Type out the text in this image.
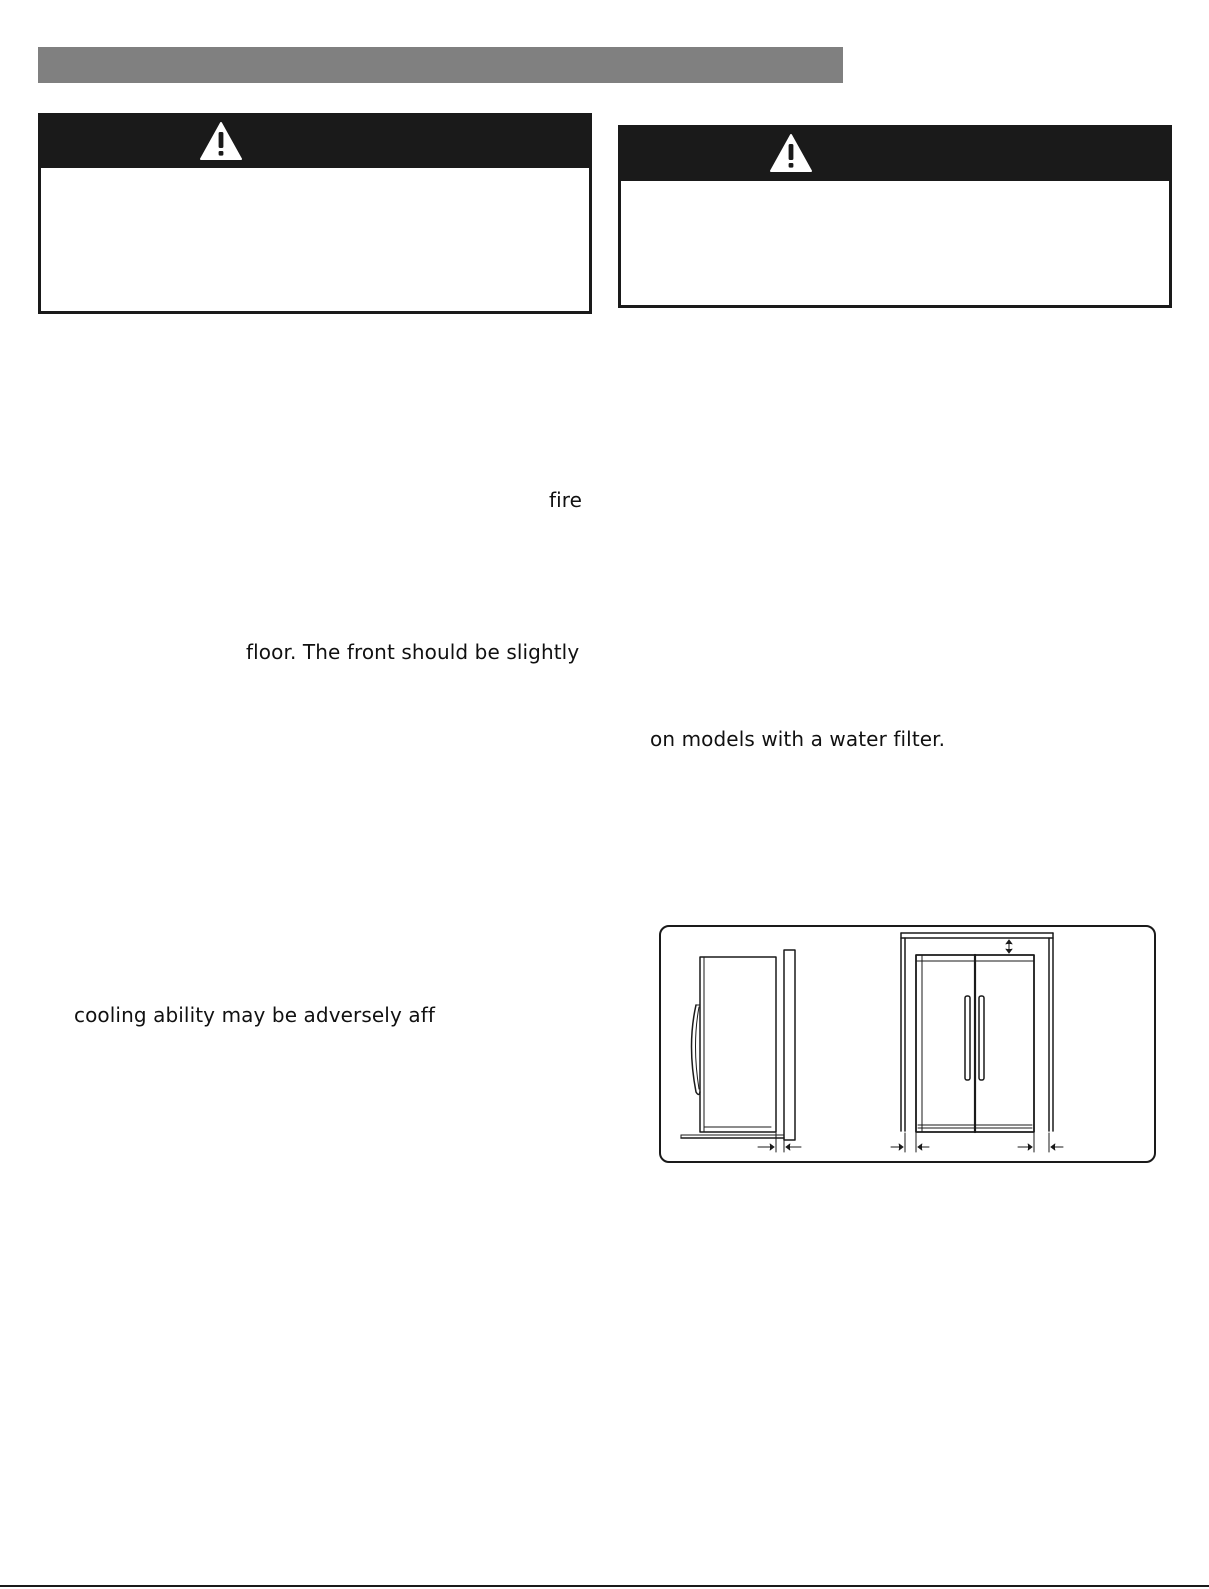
fire
floor. The front should be slightly
cooling ability may be adversely aff
on models with a water filter.
